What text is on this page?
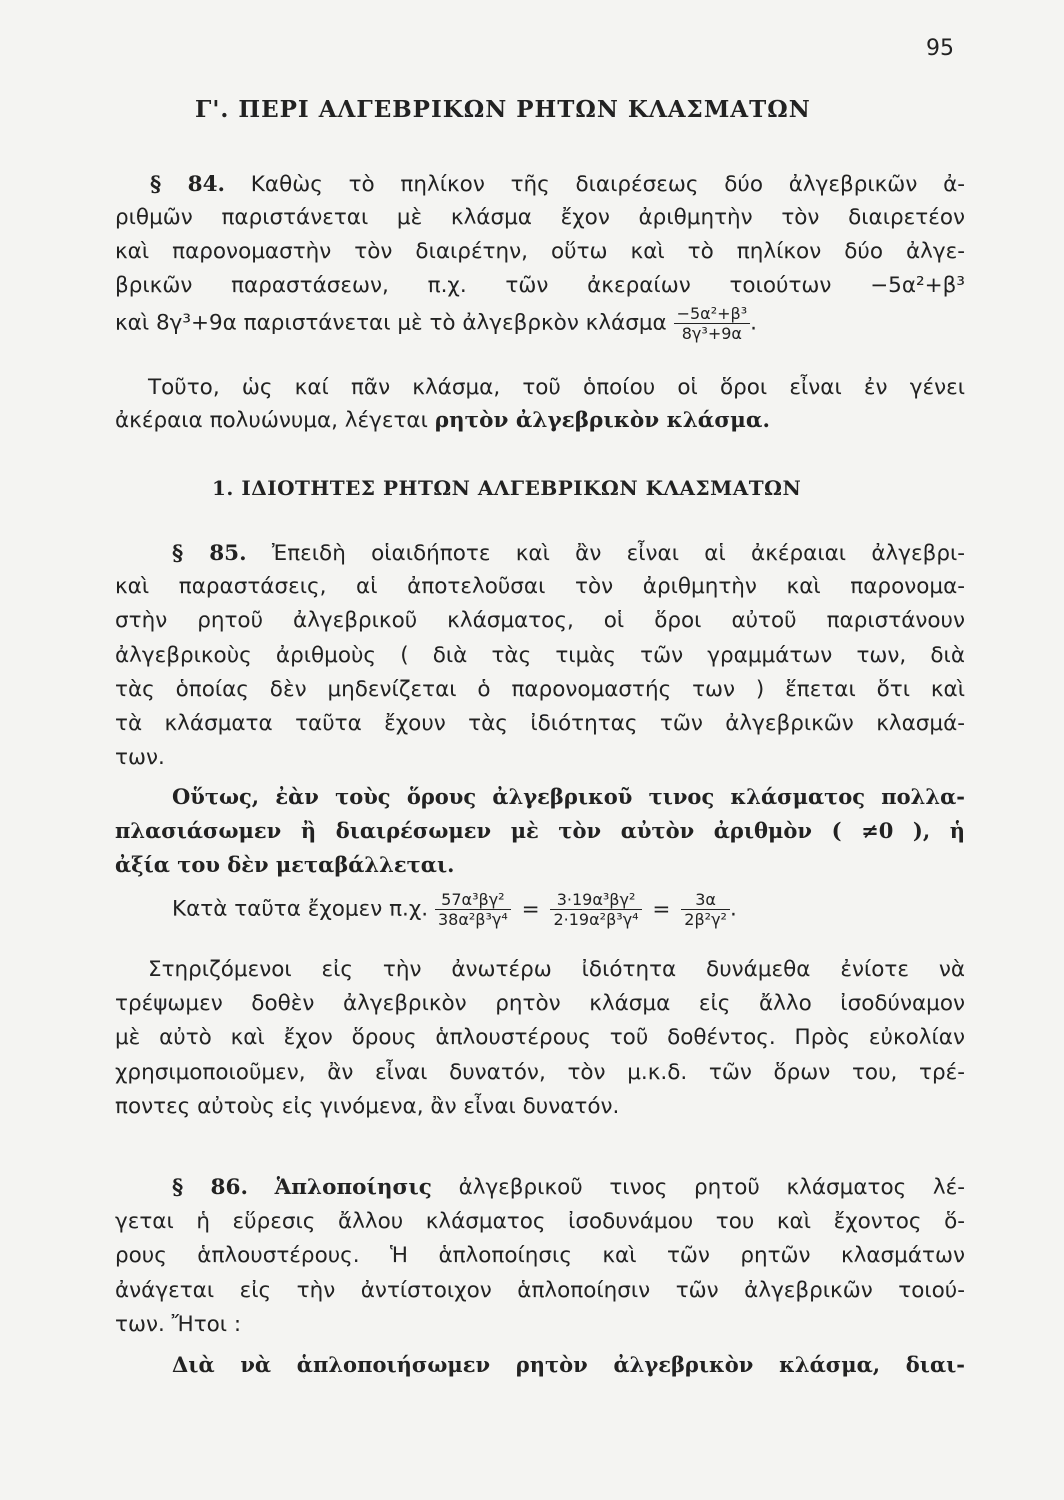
95
Γ'. ΠΕΡΙ ΑΛΓΕΒΡΙΚΩΝ ΡΗΤΩΝ ΚΛΑΣΜΑΤΩΝ
§ 84. Καθὼς τὸ πηλίκον τῆς διαιρέσεως δύο ἀλγεβρικῶν ἀ-
ριθμῶν παριστάνεται μὲ κλάσμα ἔχον ἀριθμητὴν τὸν διαιρετέον
καὶ παρονομαστὴν τὸν διαιρέτην, οὕτω καὶ τὸ πηλίκον δύο ἀλγε-
βρικῶν παραστάσεων, π.χ. τῶν ἀκεραίων τοιούτων −5α²+β³
καὶ 8γ³+9α παριστάνεται μὲ τὸ ἀλγεβρκὸν κλάσμα $\frac{\text{−5α²+β³}}{\text{8γ³+9α}}$ .
Τοῦτο, ὡς καί πᾶν κλάσμα, τοῦ ὁποίου οἱ ὅροι εἶναι ἐν γένει
ἀκέραια πολυώνυμα, λέγεται ρητὸν ἀλγεβρικὸν κλάσμα.
1. ΙΔΙΟΤΗΤΕΣ ΡΗΤΩΝ ΑΛΓΕΒΡΙΚΩΝ ΚΛΑΣΜΑΤΩΝ
§ 85. Ἐπειδὴ οἱαιδήποτε καὶ ἂν εἶναι αἱ ἀκέραιαι ἀλγεβρι-
καὶ παραστάσεις, αἱ ἀποτελοῦσαι τὸν ἀριθμητὴν καὶ παρονομα-
στὴν ρητοῦ ἀλγεβρικοῦ κλάσματος, οἱ ὅροι αὐτοῦ παριστάνουν
ἀλγεβρικοὺς ἀριθμοὺς ( διὰ τὰς τιμὰς τῶν γραμμάτων των, διὰ
τὰς ὁποίας δὲν μηδενίζεται ὁ παρονομαστής των ) ἕπεται ὅτι καὶ
τὰ κλάσματα ταῦτα ἔχουν τὰς ἰδιότητας τῶν ἀλγεβρικῶν κλασμά-
των.
Οὕτως, ἐὰν τοὺς ὅρους ἀλγεβρικοῦ τινος κλάσματος πολλα-
πλασιάσωμεν ἢ διαιρέσωμεν μὲ τὸν αὐτὸν ἀριθμὸν ( ≠0 ), ἡ
ἀξία του δὲν μεταβάλλεται.
Κατὰ ταῦτα ἔχομεν π.χ. $\frac{\text{57α³βγ²}}{\text{38α²β³γ⁴}} = \frac{\text{3·19α³βγ²}}{\text{2·19α²β³γ⁴}} = \frac{3\alpha}{\text{2β²γ²}}$ .
Στηριζόμενοι εἰς τὴν ἀνωτέρω ἰδιότητα δυνάμεθα ἐνίοτε νὰ
τρέψωμεν δοθὲν ἀλγεβρικὸν ρητὸν κλάσμα εἰς ἄλλο ἰσοδύναμον
μὲ αὐτὸ καὶ ἔχον ὅρους ἁπλουστέρους τοῦ δοθέντος. Πρὸς εὐκολίαν
χρησιμοποιοῦμεν, ἂν εἶναι δυνατόν, τὸν μ.κ.δ. τῶν ὅρων του, τρέ-
ποντες αὐτοὺς εἰς γινόμενα, ἂν εἶναι δυνατόν.
§ 86. Ἁπλοποίησις ἀλγεβρικοῦ τινος ρητοῦ κλάσματος λέ-
γεται ἡ εὕρεσις ἄλλου κλάσματος ἰσοδυνάμου του καὶ ἔχοντος ὅ-
ρους ἁπλουστέρους. Ἡ ἁπλοποίησις καὶ τῶν ρητῶν κλασμάτων
ἀνάγεται εἰς τὴν ἀντίστοιχον ἁπλοποίησιν τῶν ἀλγεβρικῶν τοιού-
των. Ἤτοι :
Διὰ νὰ ἁπλοποιήσωμεν ρητὸν ἀλγεβρικὸν κλάσμα, διαι-
